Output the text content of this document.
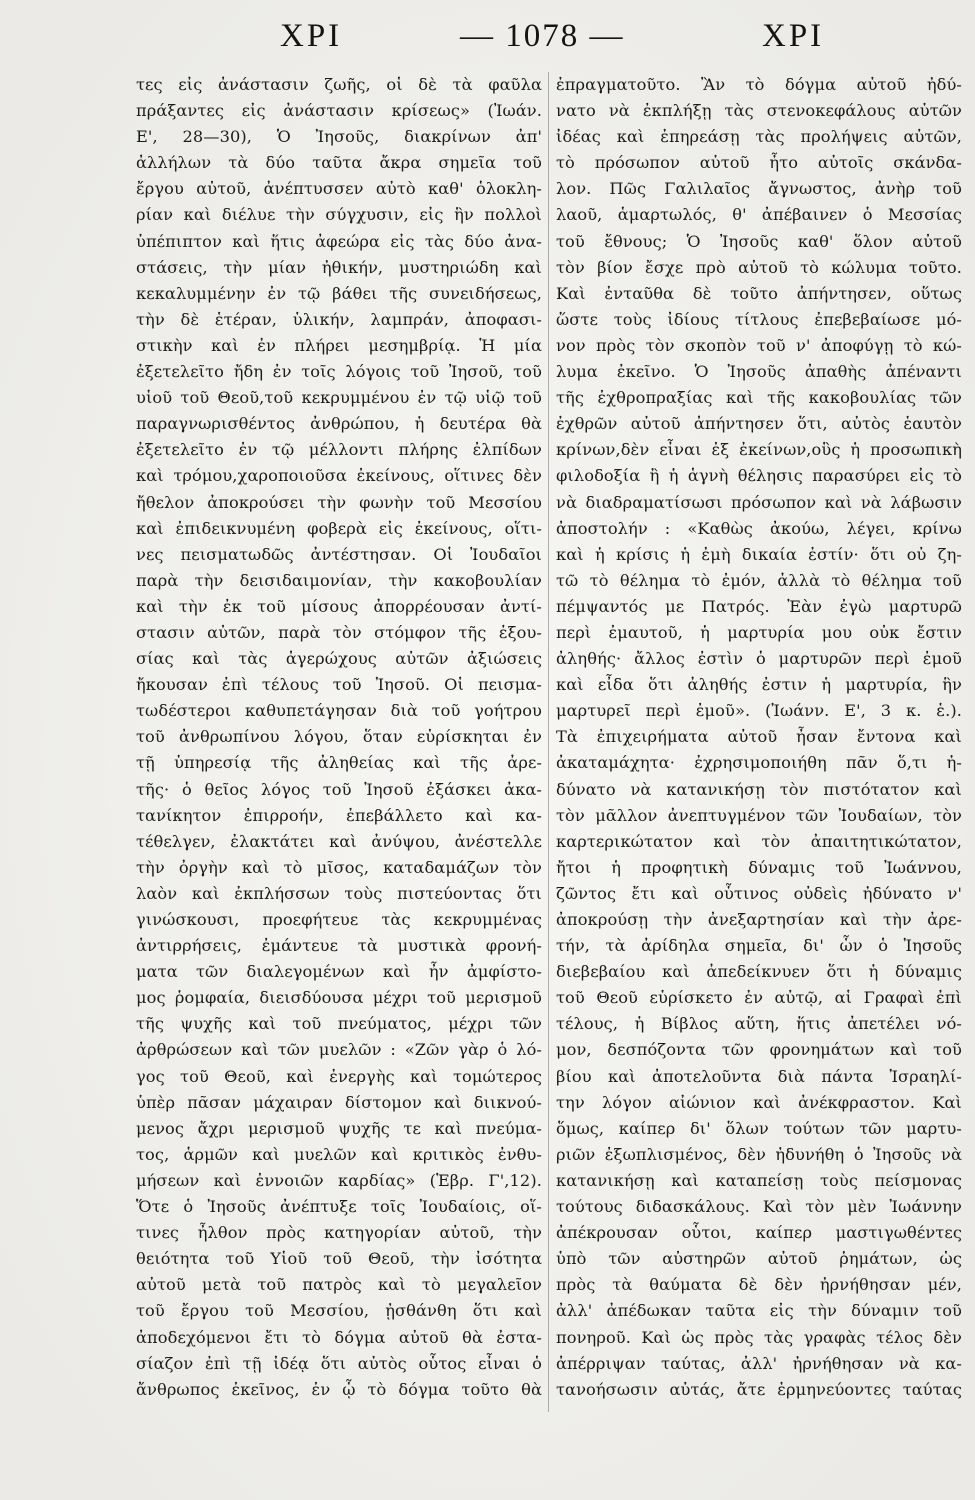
XPI	— 1078 —	XPI
τες εἰς ἀνάστασιν ζωῆς, οἱ δὲ τὰ φαῦλα
πράξαντες εἰς ἀνάστασιν κρίσεως» (Ἰωάν.
Ε', 28—30), Ὁ Ἰησοῦς, διακρίνων ἀπ'
ἀλλήλων τὰ δύο ταῦτα ἄκρα σημεῖα τοῦ
ἔργου αὐτοῦ, ἀνέπτυσσεν αὐτὸ καθ' ὁλοκλη-
ρίαν καὶ διέλυε τὴν σύγχυσιν, εἰς ἣν πολλοὶ
ὑπέπιπτον καὶ ἥτις ἀφεώρα εἰς τὰς δύο ἀνα-
στάσεις, τὴν μίαν ἠθικήν, μυστηριώδη καὶ
κεκαλυμμένην ἐν τῷ βάθει τῆς συνειδήσεως,
τὴν δὲ ἑτέραν, ὑλικήν, λαμπράν, ἀποφασι-
στικὴν καὶ ἐν πλήρει μεσημβρίᾳ. Ἡ μία
ἐξετελεῖτο ἤδη ἐν τοῖς λόγοις τοῦ Ἰησοῦ, τοῦ
υἱοῦ τοῦ Θεοῦ,τοῦ κεκρυμμένου ἐν τῷ υἱῷ τοῦ
παραγνωρισθέντος ἀνθρώπου, ἡ δευτέρα θὰ
ἐξετελεῖτο ἐν τῷ μέλλοντι πλήρης ἐλπίδων
καὶ τρόμου,χαροποιοῦσα ἐκείνους, οἵτινες δὲν
ἤθελον ἀποκρούσει τὴν φωνὴν τοῦ Μεσσίου
καὶ ἐπιδεικνυμένη φοβερὰ εἰς ἐκείνους, οἵτι-
νες πεισματωδῶς ἀντέστησαν. Οἱ Ἰουδαῖοι
παρὰ τὴν δεισιδαιμονίαν, τὴν κακοβουλίαν
καὶ τὴν ἐκ τοῦ μίσους ἀπορρέουσαν ἀντί-
στασιν αὐτῶν, παρὰ τὸν στόμφον τῆς ἐξου-
σίας καὶ τὰς ἀγερώχους αὐτῶν ἀξιώσεις
ἤκουσαν ἐπὶ τέλους τοῦ Ἰησοῦ. Οἱ πεισμα-
τωδέστεροι καθυπετάγησαν διὰ τοῦ γοήτρου
τοῦ ἀνθρωπίνου λόγου, ὅταν εὑρίσκηται ἐν
τῇ ὑπηρεσίᾳ τῆς ἀληθείας καὶ τῆς ἀρε-
τῆς· ὁ θεῖος λόγος τοῦ Ἰησοῦ ἐξάσκει ἀκα-
τανίκητον ἐπιρροήν, ἐπεβάλλετο καὶ κα-
τέθελγεν, ἐλακτάτει καὶ ἀνύψου, ἀνέστελλε
τὴν ὀργὴν καὶ τὸ μῖσος, καταδαμάζων τὸν
λαὸν καὶ ἐκπλήσσων τοὺς πιστεύοντας ὅτι
γινώσκουσι, προεφήτευε τὰς κεκρυμμένας
ἀντιρρήσεις, ἐμάντευε τὰ μυστικὰ φρονή-
ματα τῶν διαλεγομένων καὶ ἦν ἀμφίστο-
μος ῥομφαία, διεισδύουσα μέχρι τοῦ μερισμοῦ
τῆς ψυχῆς καὶ τοῦ πνεύματος, μέχρι τῶν
ἀρθρώσεων καὶ τῶν μυελῶν : «Ζῶν γὰρ ὁ λό-
γος τοῦ Θεοῦ, καὶ ἐνεργὴς καὶ τομώτερος
ὑπὲρ πᾶσαν μάχαιραν δίστομον καὶ διικνού-
μενος ἄχρι μερισμοῦ ψυχῆς τε καὶ πνεύμα-
τος, ἁρμῶν καὶ μυελῶν καὶ κριτικὸς ἐνθυ-
μήσεων καὶ ἐννοιῶν καρδίας» (Ἑβρ. Γ',12).
Ὅτε ὁ Ἰησοῦς ἀνέπτυξε τοῖς Ἰουδαίοις, οἵ-
τινες ἦλθον πρὸς κατηγορίαν αὐτοῦ, τὴν
θειότητα τοῦ Υἱοῦ τοῦ Θεοῦ, τὴν ἰσότητα
αὐτοῦ μετὰ τοῦ πατρὸς καὶ τὸ μεγαλεῖον
τοῦ ἔργου τοῦ Μεσσίου, ᾐσθάνθη ὅτι καὶ
ἀποδεχόμενοι ἔτι τὸ δόγμα αὐτοῦ θὰ ἐστα-
σίαζον ἐπὶ τῇ ἰδέᾳ ὅτι αὐτὸς οὗτος εἶναι ὁ
ἄνθρωπος ἐκεῖνος, ἐν ᾧ τὸ δόγμα τοῦτο θὰ
ἐπραγματοῦτο. Ἂν τὸ δόγμα αὐτοῦ ἠδύ-
νατο νὰ ἐκπλήξῃ τὰς στενοκεφάλους αὐτῶν
ἰδέας καὶ ἐπηρεάσῃ τὰς προλήψεις αὐτῶν,
τὸ πρόσωπον αὐτοῦ ἦτο αὐτοῖς σκάνδα-
λον. Πῶς Γαλιλαῖος ἄγνωστος, ἀνὴρ τοῦ
λαοῦ, ἁμαρτωλός, θ' ἀπέβαινεν ὁ Μεσσίας
τοῦ ἔθνους; Ὁ Ἰησοῦς καθ' ὅλον αὐτοῦ
τὸν βίον ἔσχε πρὸ αὐτοῦ τὸ κώλυμα τοῦτο.
Καὶ ἐνταῦθα δὲ τοῦτο ἀπήντησεν, οὕτως
ὥστε τοὺς ἰδίους τίτλους ἐπεβεβαίωσε μό-
νον πρὸς τὸν σκοπὸν τοῦ ν' ἀποφύγῃ τὸ κώ-
λυμα ἐκεῖνο. Ὁ Ἰησοῦς ἀπαθὴς ἀπέναντι
τῆς ἐχθροπραξίας καὶ τῆς κακοβουλίας τῶν
ἐχθρῶν αὐτοῦ ἀπήντησεν ὅτι, αὐτὸς ἑαυτὸν
κρίνων,δὲν εἶναι ἐξ ἐκείνων,οὓς ἡ προσωπικὴ
φιλοδοξία ἢ ἡ ἁγνὴ θέλησις παρασύρει εἰς τὸ
νὰ διαδραματίσωσι πρόσωπον καὶ νὰ λάβωσιν
ἀποστολήν : «Καθὼς ἀκούω, λέγει, κρίνω
καὶ ἡ κρίσις ἡ ἐμὴ δικαία ἐστίν· ὅτι οὐ ζη-
τῶ τὸ θέλημα τὸ ἐμόν, ἀλλὰ τὸ θέλημα τοῦ
πέμψαντός με Πατρός. Ἐὰν ἐγὼ μαρτυρῶ
περὶ ἐμαυτοῦ, ἡ μαρτυρία μου οὐκ ἔστιν
ἀληθής· ἄλλος ἐστὶν ὁ μαρτυρῶν περὶ ἐμοῦ
καὶ εἶδα ὅτι ἀληθής ἐστιν ἡ μαρτυρία, ἣν
μαρτυρεῖ περὶ ἐμοῦ». (Ἰωάνν. Ε', 3 κ. ἑ.).
Τὰ ἐπιχειρήματα αὐτοῦ ἦσαν ἔντονα καὶ
ἀκαταμάχητα· ἐχρησιμοποιήθη πᾶν ὅ,τι ἠ-
δύνατο νὰ κατανικήσῃ τὸν πιστότατον καὶ
τὸν μᾶλλον ἀνεπτυγμένον τῶν Ἰουδαίων, τὸν
καρτερικώτατον καὶ τὸν ἀπαιτητικώτατον,
ἤτοι ἡ προφητικὴ δύναμις τοῦ Ἰωάννου,
ζῶντος ἔτι καὶ οὗτινος οὐδεὶς ἠδύνατο ν'
ἀποκρούσῃ τὴν ἀνεξαρτησίαν καὶ τὴν ἀρε-
τήν, τὰ ἀρίδηλα σημεῖα, δι' ὧν ὁ Ἰησοῦς
διεβεβαίου καὶ ἀπεδείκνυεν ὅτι ἡ δύναμις
τοῦ Θεοῦ εὑρίσκετο ἐν αὐτῷ, αἱ Γραφαὶ ἐπὶ
τέλους, ἡ Βίβλος αὕτη, ἥτις ἀπετέλει νό-
μον, δεσπόζοντα τῶν φρονημάτων καὶ τοῦ
βίου καὶ ἀποτελοῦντα διὰ πάντα Ἰσραηλί-
την λόγον αἰώνιον καὶ ἀνέκφραστον. Καὶ
ὅμως, καίπερ δι' ὅλων τούτων τῶν μαρτυ-
ριῶν ἐξωπλισμένος, δὲν ἠδυνήθη ὁ Ἰησοῦς νὰ
κατανικήσῃ καὶ καταπείσῃ τοὺς πείσμονας
τούτους διδασκάλους. Καὶ τὸν μὲν Ἰωάννην
ἀπέκρουσαν οὗτοι, καίπερ μαστιγωθέντες
ὑπὸ τῶν αὐστηρῶν αὐτοῦ ῥημάτων, ὡς
πρὸς τὰ θαύματα δὲ δὲν ἠρνήθησαν μέν,
ἀλλ' ἀπέδωκαν ταῦτα εἰς τὴν δύναμιν τοῦ
πονηροῦ. Καὶ ὡς πρὸς τὰς γραφὰς τέλος δὲν
ἀπέρριψαν ταύτας, ἀλλ' ἠρνήθησαν νὰ κα-
τανοήσωσιν αὐτάς, ἄτε ἑρμηνεύοντες ταύτας
